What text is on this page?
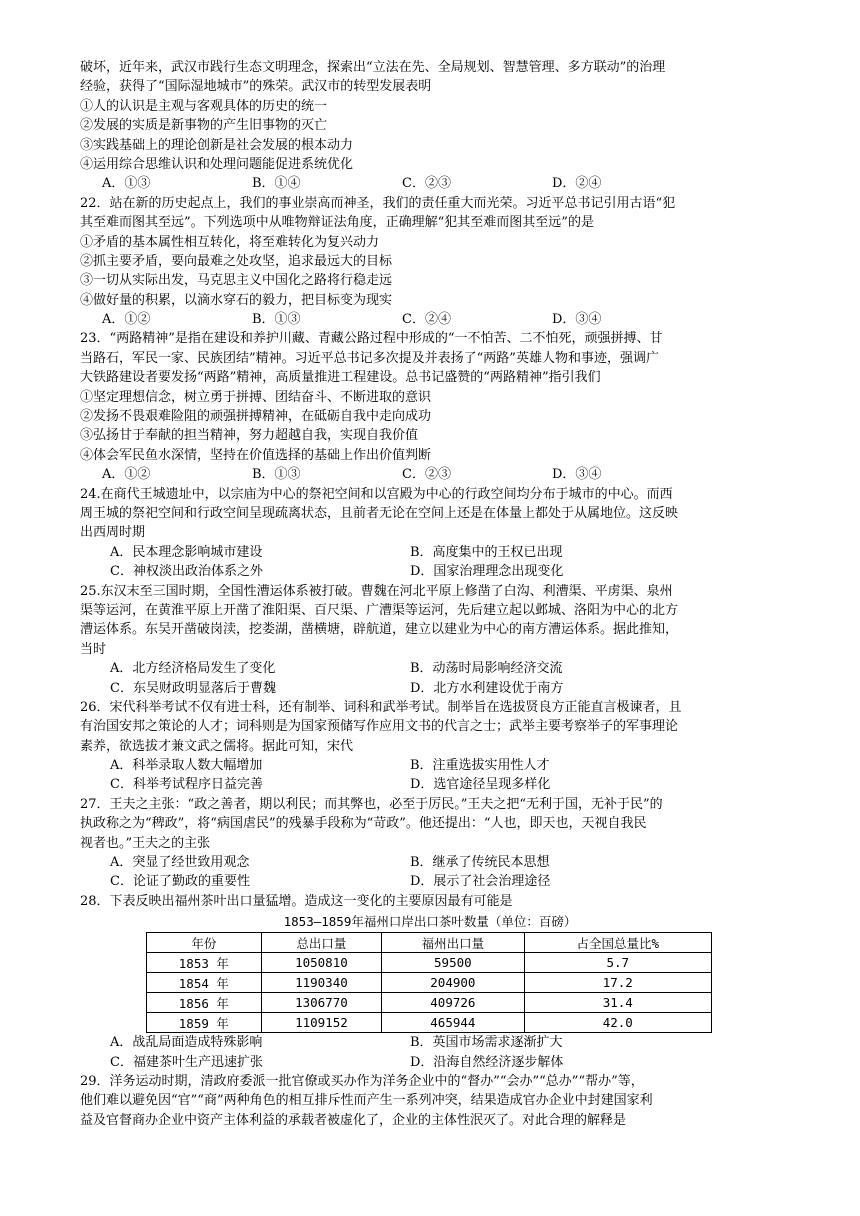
破坏，近年来，武汉市践行生态文明理念，探索出“立法在先、全局规划、智慧管理、多方联动”的治理
经验，获得了“国际湿地城市”的殊荣。武汉市的转型发展表明
①人的认识是主观与客观具体的历史的统一
②发展的实质是新事物的产生旧事物的灭亡
③实践基础上的理论创新是社会发展的根本动力
④运用综合思维认识和处理问题能促进系统优化
A．①③	B．①④	C．②③	D．②④
22．站在新的历史起点上，我们的事业崇高而神圣，我们的责任重大而光荣。习近平总书记引用古语“犯
其至难而图其至远”。下列选项中从唯物辩证法角度，正确理解“犯其至难而图其至远”的是
①矛盾的基本属性相互转化，将至难转化为复兴动力
②抓主要矛盾，要向最难之处攻坚，追求最远大的目标
③一切从实际出发，马克思主义中国化之路将行稳走远
④做好量的积累，以滴水穿石的毅力，把目标变为现实
A．①②	B．①③	C．②④	D．③④
23．“两路精神”是指在建设和养护川藏、青藏公路过程中形成的“一不怕苦、二不怕死，顽强拼搏、甘
当路石，军民一家、民族团结”精神。习近平总书记多次提及并表扬了“两路”英雄人物和事迹，强调广
大铁路建设者要发扬“两路”精神，高质量推进工程建设。总书记盛赞的“两路精神”指引我们
①坚定理想信念，树立勇于拼搏、团结奋斗、不断进取的意识
②发扬不畏艰难险阻的顽强拼搏精神，在砥砺自我中走向成功
③弘扬甘于奉献的担当精神，努力超越自我，实现自我价值
④体会军民鱼水深情，坚持在价值选择的基础上作出价值判断
A．①②	B．①③	C．②③	D．③④
24.在商代王城遗址中，以宗庙为中心的祭祀空间和以宫殿为中心的行政空间均分布于城市的中心。而西
周王城的祭祀空间和行政空间呈现疏离状态，且前者无论在空间上还是在体量上都处于从属地位。这反映
出西周时期
A．民本理念影响城市建设	B．高度集中的王权已出现
C．神权淡出政治体系之外	D．国家治理理念出现变化
25.东汉末至三国时期，全国性漕运体系被打破。曹魏在河北平原上修凿了白沟、利漕渠、平虏渠、泉州
渠等运河，在黄淮平原上开凿了淮阳渠、百尺渠、广漕渠等运河，先后建立起以邺城、洛阳为中心的北方
漕运体系。东吴开凿破岗渎，挖娄湖，凿横塘，辟航道，建立以建业为中心的南方漕运体系。据此推知，
当时
A．北方经济格局发生了变化	B．动荡时局影响经济交流
C．东吴财政明显落后于曹魏	D．北方水利建设优于南方
26．宋代科举考试不仅有进士科，还有制举、词科和武举考试。制举旨在选拔贤良方正能直言极谏者，且
有治国安邦之策论的人才；词科则是为国家预储写作应用文书的代言之士；武举主要考察举子的军事理论
素养，欲选拔才兼文武之儒将。据此可知，宋代
A．科举录取人数大幅增加	B．注重选拔实用性人才
C．科举考试程序日益完善	D．选官途径呈现多样化
27．王夫之主张：“政之善者，期以利民；而其弊也，必至于厉民。”王夫之把“无利于国，无补于民”的
执政称之为“稗政”，将“病国虐民”的残暴手段称为“苛政”。他还提出：“人也，即天也，天视自我民
视者也。”王夫之的主张
A．突显了经世致用观念	B．继承了传统民本思想
C．论证了勤政的重要性	D．展示了社会治理途径
28．下表反映出福州茶叶出口量猛增。造成这一变化的主要原因最有可能是
1853—1859年福州口岸出口茶叶数量（单位：百磅）
年份	总出口量	福州出口量	占全国总量比%
1853 年	1050810	59500	5.7
1854 年	1190340	204900	17.2
1856 年	1306770	409726	31.4
1859 年	1109152	465944	42.0
A．战乱局面造成特殊影响	B．英国市场需求逐渐扩大
C．福建茶叶生产迅速扩张	D．沿海自然经济逐步解体
29．洋务运动时期，清政府委派一批官僚或买办作为洋务企业中的“督办”“会办”“总办”“帮办”等，
他们难以避免因“官”“商”两种角色的相互排斥性而产生一系列冲突，结果造成官办企业中封建国家利
益及官督商办企业中资产主体利益的承载者被虚化了，企业的主体性泯灭了。对此合理的解释是
